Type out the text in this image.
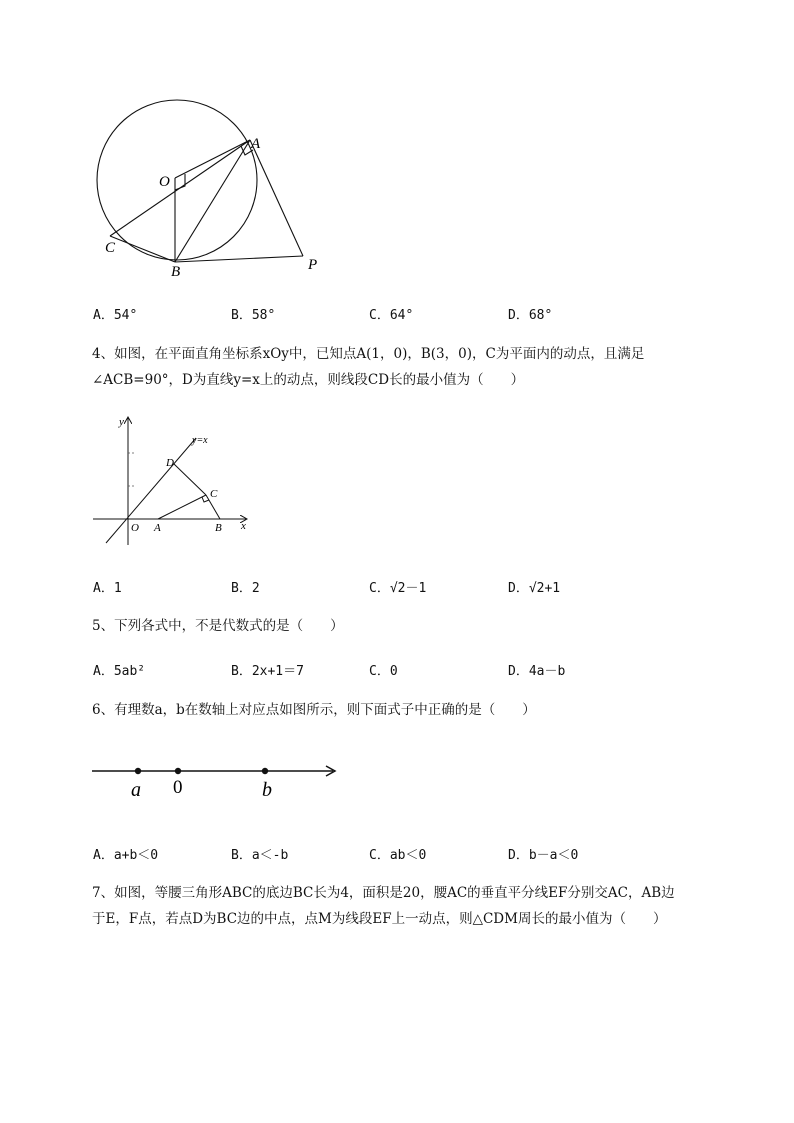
O
A
C
B	P
A．54°	B．58°	C．64°	D．68°
4、如图，在平面直角坐标系xOy中，已知点A(1，0)，B(3，0)，C为平面内的动点，且满足
∠ACB=90°，D为直线y=x上的动点，则线段CD长的最小值为（　　）
y
x
y=x
D
C
O A	B
A．1	B．2	C．√2－1	D．√2+1
5、下列各式中，不是代数式的是（　　）
A．5ab²	B．2x+1＝7	C．0	D．4a－b
6、有理数a，b在数轴上对应点如图所示，则下面式子中正确的是（　　）
a 0	b
A．a+b＜0	B．a＜-b	C．ab＜0	D．b－a＜0
7、如图，等腰三角形ABC的底边BC长为4，面积是20，腰AC的垂直平分线EF分别交AC，AB边
于E，F点，若点D为BC边的中点，点M为线段EF上一动点，则△CDM周长的最小值为（　　）
